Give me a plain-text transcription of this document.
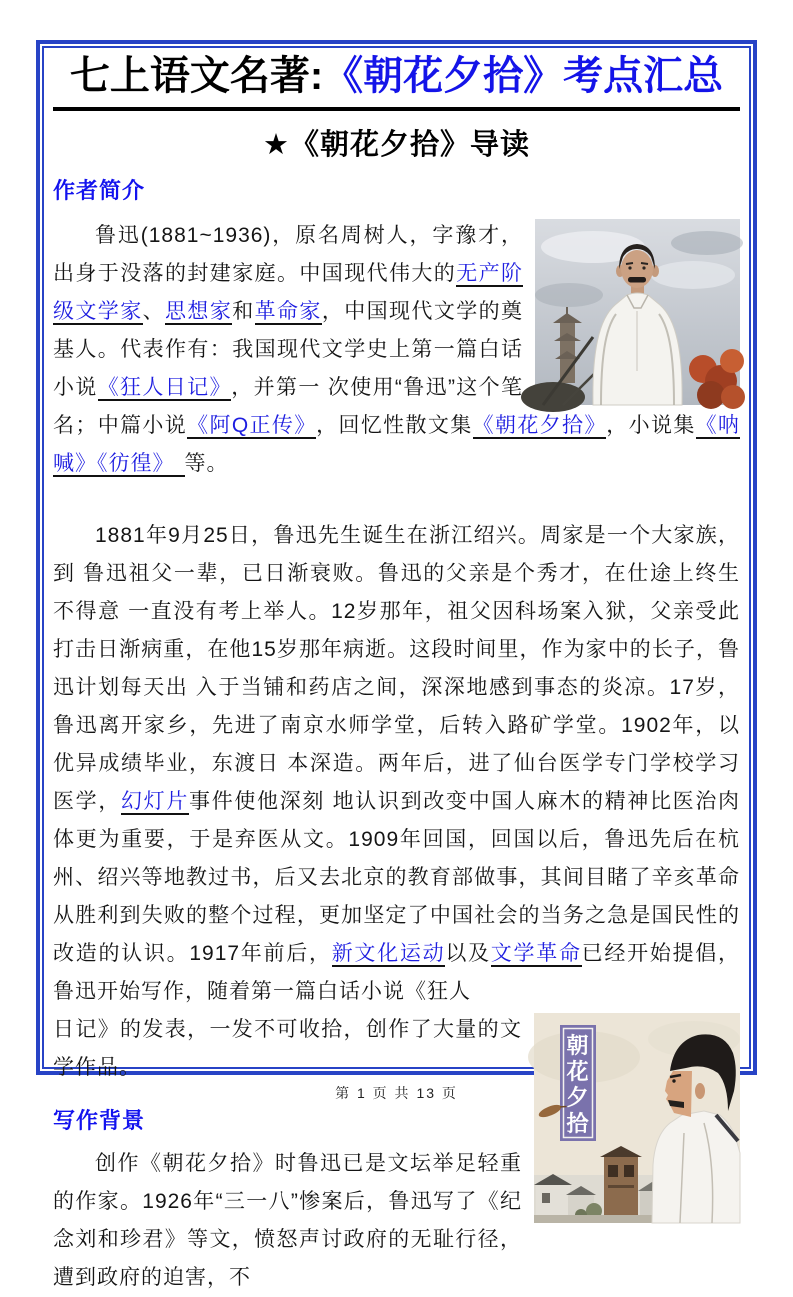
七上语文名著:《朝花夕拾》考点汇总
★《朝花夕拾》导读
作者简介

鲁迅(1881~1936)，原名周树人，字豫才，出身于没落的封建家庭。中国现代伟大的无产阶级文学家、思想家和革命家，中国现代文学的奠基人。代表作有：我国现代文学史上第一篇白话小说《狂人日记》 ，并第一 次使用“鲁迅”这个笔名；中篇小说《阿Q正传》 ，回忆性散文集《朝花夕拾》 ，小说集《呐喊》《彷徨》 等。

1881年9月25日，鲁迅先生诞生在浙江绍兴。周家是一个大家族，到 鲁迅祖父一辈，已日渐衰败。鲁迅的父亲是个秀才，在仕途上终生不得意 一直没有考上举人。12岁那年，祖父因科场案入狱，父亲受此打击日渐病重，在他15岁那年病逝。这段时间里，作为家中的长子，鲁迅计划每天出 入于当铺和药店之间，深深地感到事态的炎凉。17岁，鲁迅离开家乡，先进了南京水师学堂，后转入路矿学堂。1902年，以优异成绩毕业，东渡日 本深造。两年后，进了仙台医学专门学校学习医学，幻灯片事件使他深刻 地认识到改变中国人麻木的精神比医治肉体更为重要，于是弃医从文。1909年回国，回国以后，鲁迅先后在杭州、绍兴等地教过书，后又去北京的教育部做事，其间目睹了辛亥革命从胜利到失败的整个过程，更加坚定了中国社会的当务之急是国民性的改造的认识。1917年前后，新文化运动以及文学革命已经开始提倡，鲁迅开始写作，随着第一篇白话小说《狂人

朝
花
夕
拾
日记》的发表，一发不可收拾，创作了大量的文学作品。
写作背景

创作《朝花夕拾》时鲁迅已是文坛举足轻重的作家。1926年“三一八”惨案后，鲁迅写了《纪念刘和珍君》等文，愤怒声讨政府的无耻行径，遭到政府的迫害，不

第 1 页 共 13 页
